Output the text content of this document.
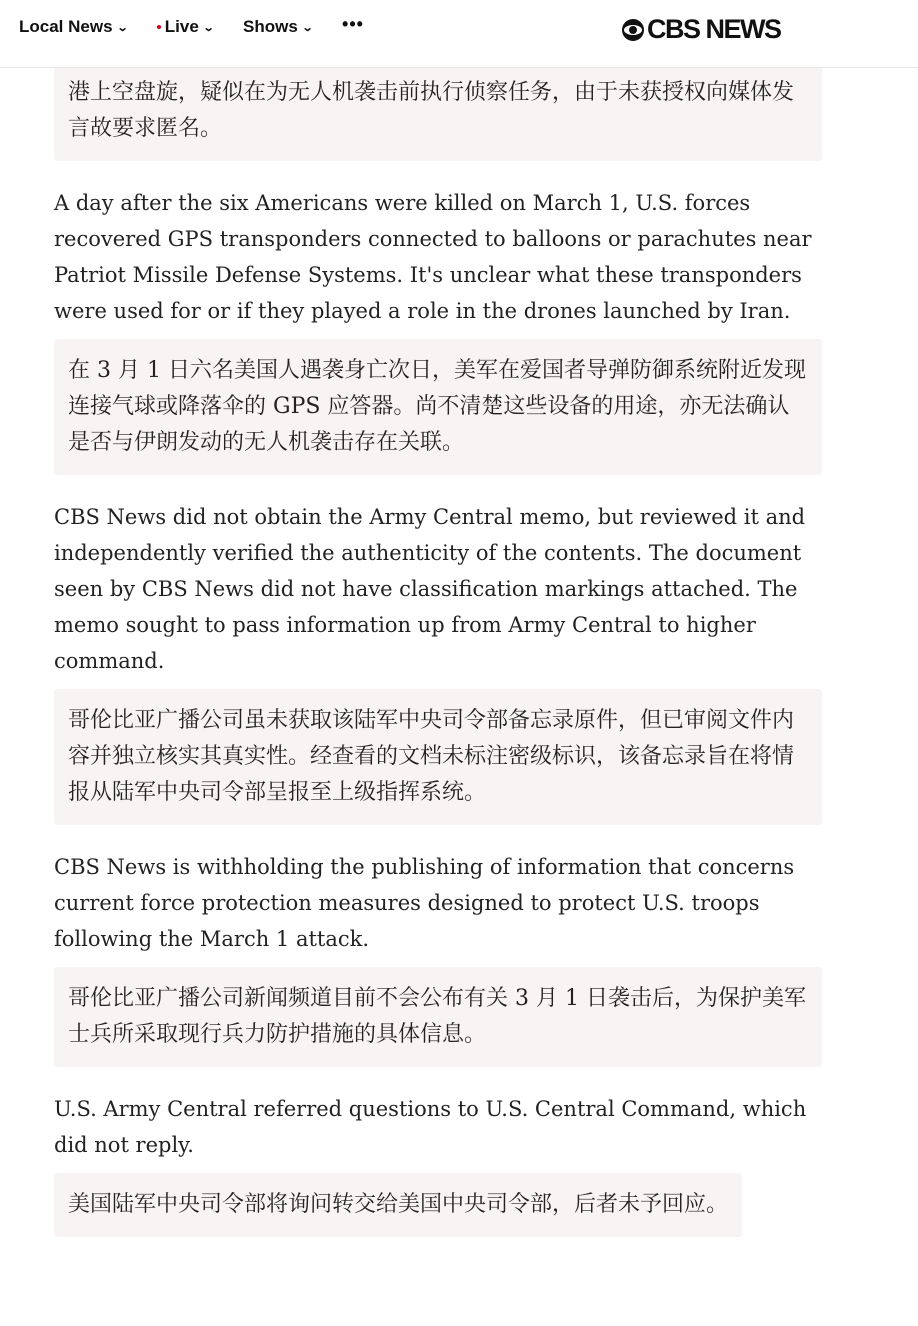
Local News ⌄ Live ⌄ Shows ⌄ •••	CBS NEWS
港上空盘旋，疑似在为无人机袭击前执行侦察任务，由于未获授权向媒体发言故要求匿名。

A day after the six Americans were killed on March 1, U.S. forces recovered GPS transponders connected to balloons or parachutes near Patriot Missile Defense Systems. It's unclear what these transponders were used for or if they played a role in the drones launched by Iran.

在 3 月 1 日六名美国人遇袭身亡次日，美军在爱国者导弹防御系统附近发现连接气球或降落伞的 GPS 应答器。尚不清楚这些设备的用途，亦无法确认是否与伊朗发动的无人机袭击存在关联。

CBS News did not obtain the Army Central memo, but reviewed it and independently verified the authenticity of the contents. The document seen by CBS News did not have classification markings attached. The memo sought to pass information up from Army Central to higher command.

哥伦比亚广播公司虽未获取该陆军中央司令部备忘录原件，但已审阅文件内容并独立核实其真实性。经查看的文档未标注密级标识，该备忘录旨在将情报从陆军中央司令部呈报至上级指挥系统。

CBS News is withholding the publishing of information that concerns current force protection measures designed to protect U.S. troops following the March 1 attack.

哥伦比亚广播公司新闻频道目前不会公布有关 3 月 1 日袭击后，为保护美军士兵所采取现行兵力防护措施的具体信息。

U.S. Army Central referred questions to U.S. Central Command, which did not reply.

美国陆军中央司令部将询问转交给美国中央司令部，后者未予回应。
